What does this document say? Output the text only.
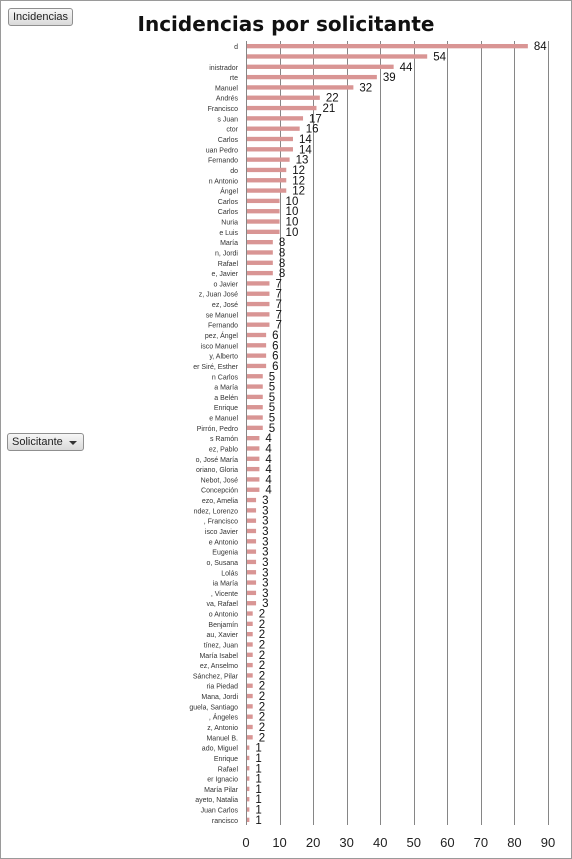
Incidencias por solicitante
Incidencias
Solicitante
0 10 20 30 40 50 60 70 80 90
84
d
54
44
inistrador
39
rte
32
Manuel
22
Andrés
21
Francisco
17
s Juan
16
ctor
14
Carlos
14
uan Pedro
13
Fernando
12
do
12
n Antonio
12
Ángel
10
Carlos
10
Carlos
10
Nuria
10
e Luis
8
María
8
n, Jordi
8
Rafael
8
e, Javier
7
o Javier
7
z, Juan José
7
ez, José
7
se Manuel
7
Fernando
6
pez, Ángel
6
isco Manuel
6
y, Alberto
6
er Siré, Esther
5
n Carlos
5
a María
5
a Belén
5
Enrique
5
e Manuel
5
Pirrón, Pedro
4
s Ramón
4
ez, Pablo
4
o, José María
4
oriano, Gloria
4
Nebot, José
4
Concepción
3
ezo, Amelia
3
ndez, Lorenzo
3
, Francisco
3
isco Javier
3
e Antonio
3
Eugenia
3
o, Susana
3
Lolás
3
ia María
3
, Vicente
3
va, Rafael
2
o Antonio
2
Benjamín
2
au, Xavier
2
tínez, Juan
2
María Isabel
2
ez, Anselmo
2
Sánchez, Pilar
2
ria Piedad
2
Mana, Jordi
2
guela, Santiago
2
, Ángeles
2
z, Antonio
2
Manuel B.
1
ado, Miguel
1
Enrique
1
Rafael
1
er Ignacio
1
María Pilar
1
ayeto, Natalia
1
Juan Carlos
1
rancisco
